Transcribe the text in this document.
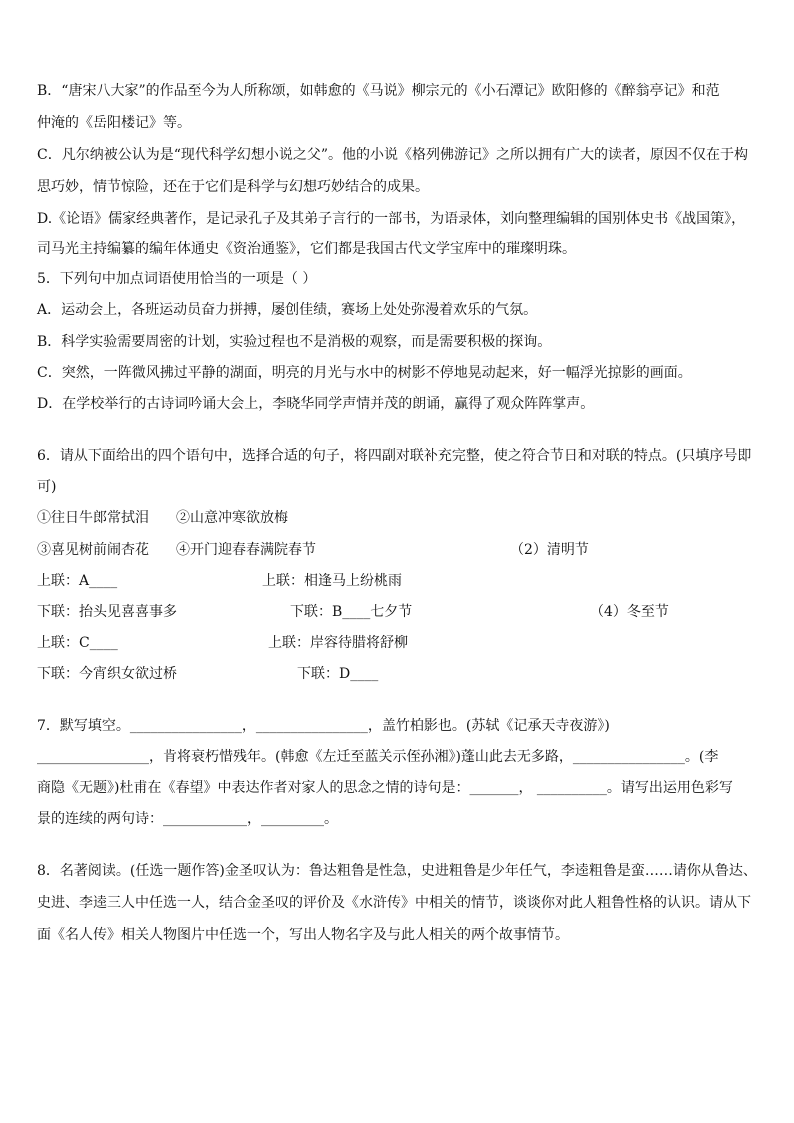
B．“唐宋八大家”的作品至今为人所称颂，如韩愈的《马说》柳宗元的《小石潭记》欧阳修的《醉翁亭记》和范
仲淹的《岳阳楼记》等。
C．凡尔纳被公认为是“现代科学幻想小说之父”。他的小说《格列佛游记》之所以拥有广大的读者，原因不仅在于构
思巧妙，情节惊险，还在于它们是科学与幻想巧妙结合的成果。
D.《论语》儒家经典著作，是记录孔子及其弟子言行的一部书，为语录体，刘向整理编辑的国别体史书《战国策》，
司马光主持编纂的编年体通史《资治通鉴》，它们都是我国古代文学宝库中的璀璨明珠。
5．下列句中加点词语使用恰当的一项是（ ）
A．运动会上，各班运动员奋力拼搏，屡创佳绩，赛场上处处弥漫着欢乐的气氛。
B．科学实验需要周密的计划，实验过程也不是消极的观察，而是需要积极的探询。
C．突然，一阵微风拂过平静的湖面，明亮的月光与水中的树影不停地晃动起来，好一幅浮光掠影的画面。
D．在学校举行的古诗词吟诵大会上，李晓华同学声情并茂的朗诵，赢得了观众阵阵掌声。
6．请从下面给出的四个语句中，选择合适的句子，将四副对联补充完整，使之符合节日和对联的特点。(只填序号即
可)
①往日牛郎常拭泪 ②山意冲寒欲放梅
③喜见树前闹杏花 ④开门迎春春满院春节	（2）清明节
上联：A____	上联：相逢马上纷桃雨
下联：抬头见喜喜事多	下联：B____七夕节	（4）冬至节
上联：C____	上联：岸容待腊将舒柳
下联：今宵织女欲过桥	下联：D____
7．默写填空。________________，________________，盖竹柏影也。(苏轼《记承天寺夜游》)
________________，肯将衰朽惜残年。(韩愈《左迁至蓝关示侄孙湘》)蓬山此去无多路，________________。(李
商隐《无题》)杜甫在《春望》中表达作者对家人的思念之情的诗句是：_______， __________。请写出运用色彩写
景的连续的两句诗：____________，_________。
8．名著阅读。(任选一题作答)金圣叹认为：鲁达粗鲁是性急，史进粗鲁是少年任气，李逵粗鲁是蛮……请你从鲁达、
史进、李逵三人中任选一人，结合金圣叹的评价及《水浒传》中相关的情节，谈谈你对此人粗鲁性格的认识。请从下
面《名人传》相关人物图片中任选一个，写出人物名字及与此人相关的两个故事情节。
